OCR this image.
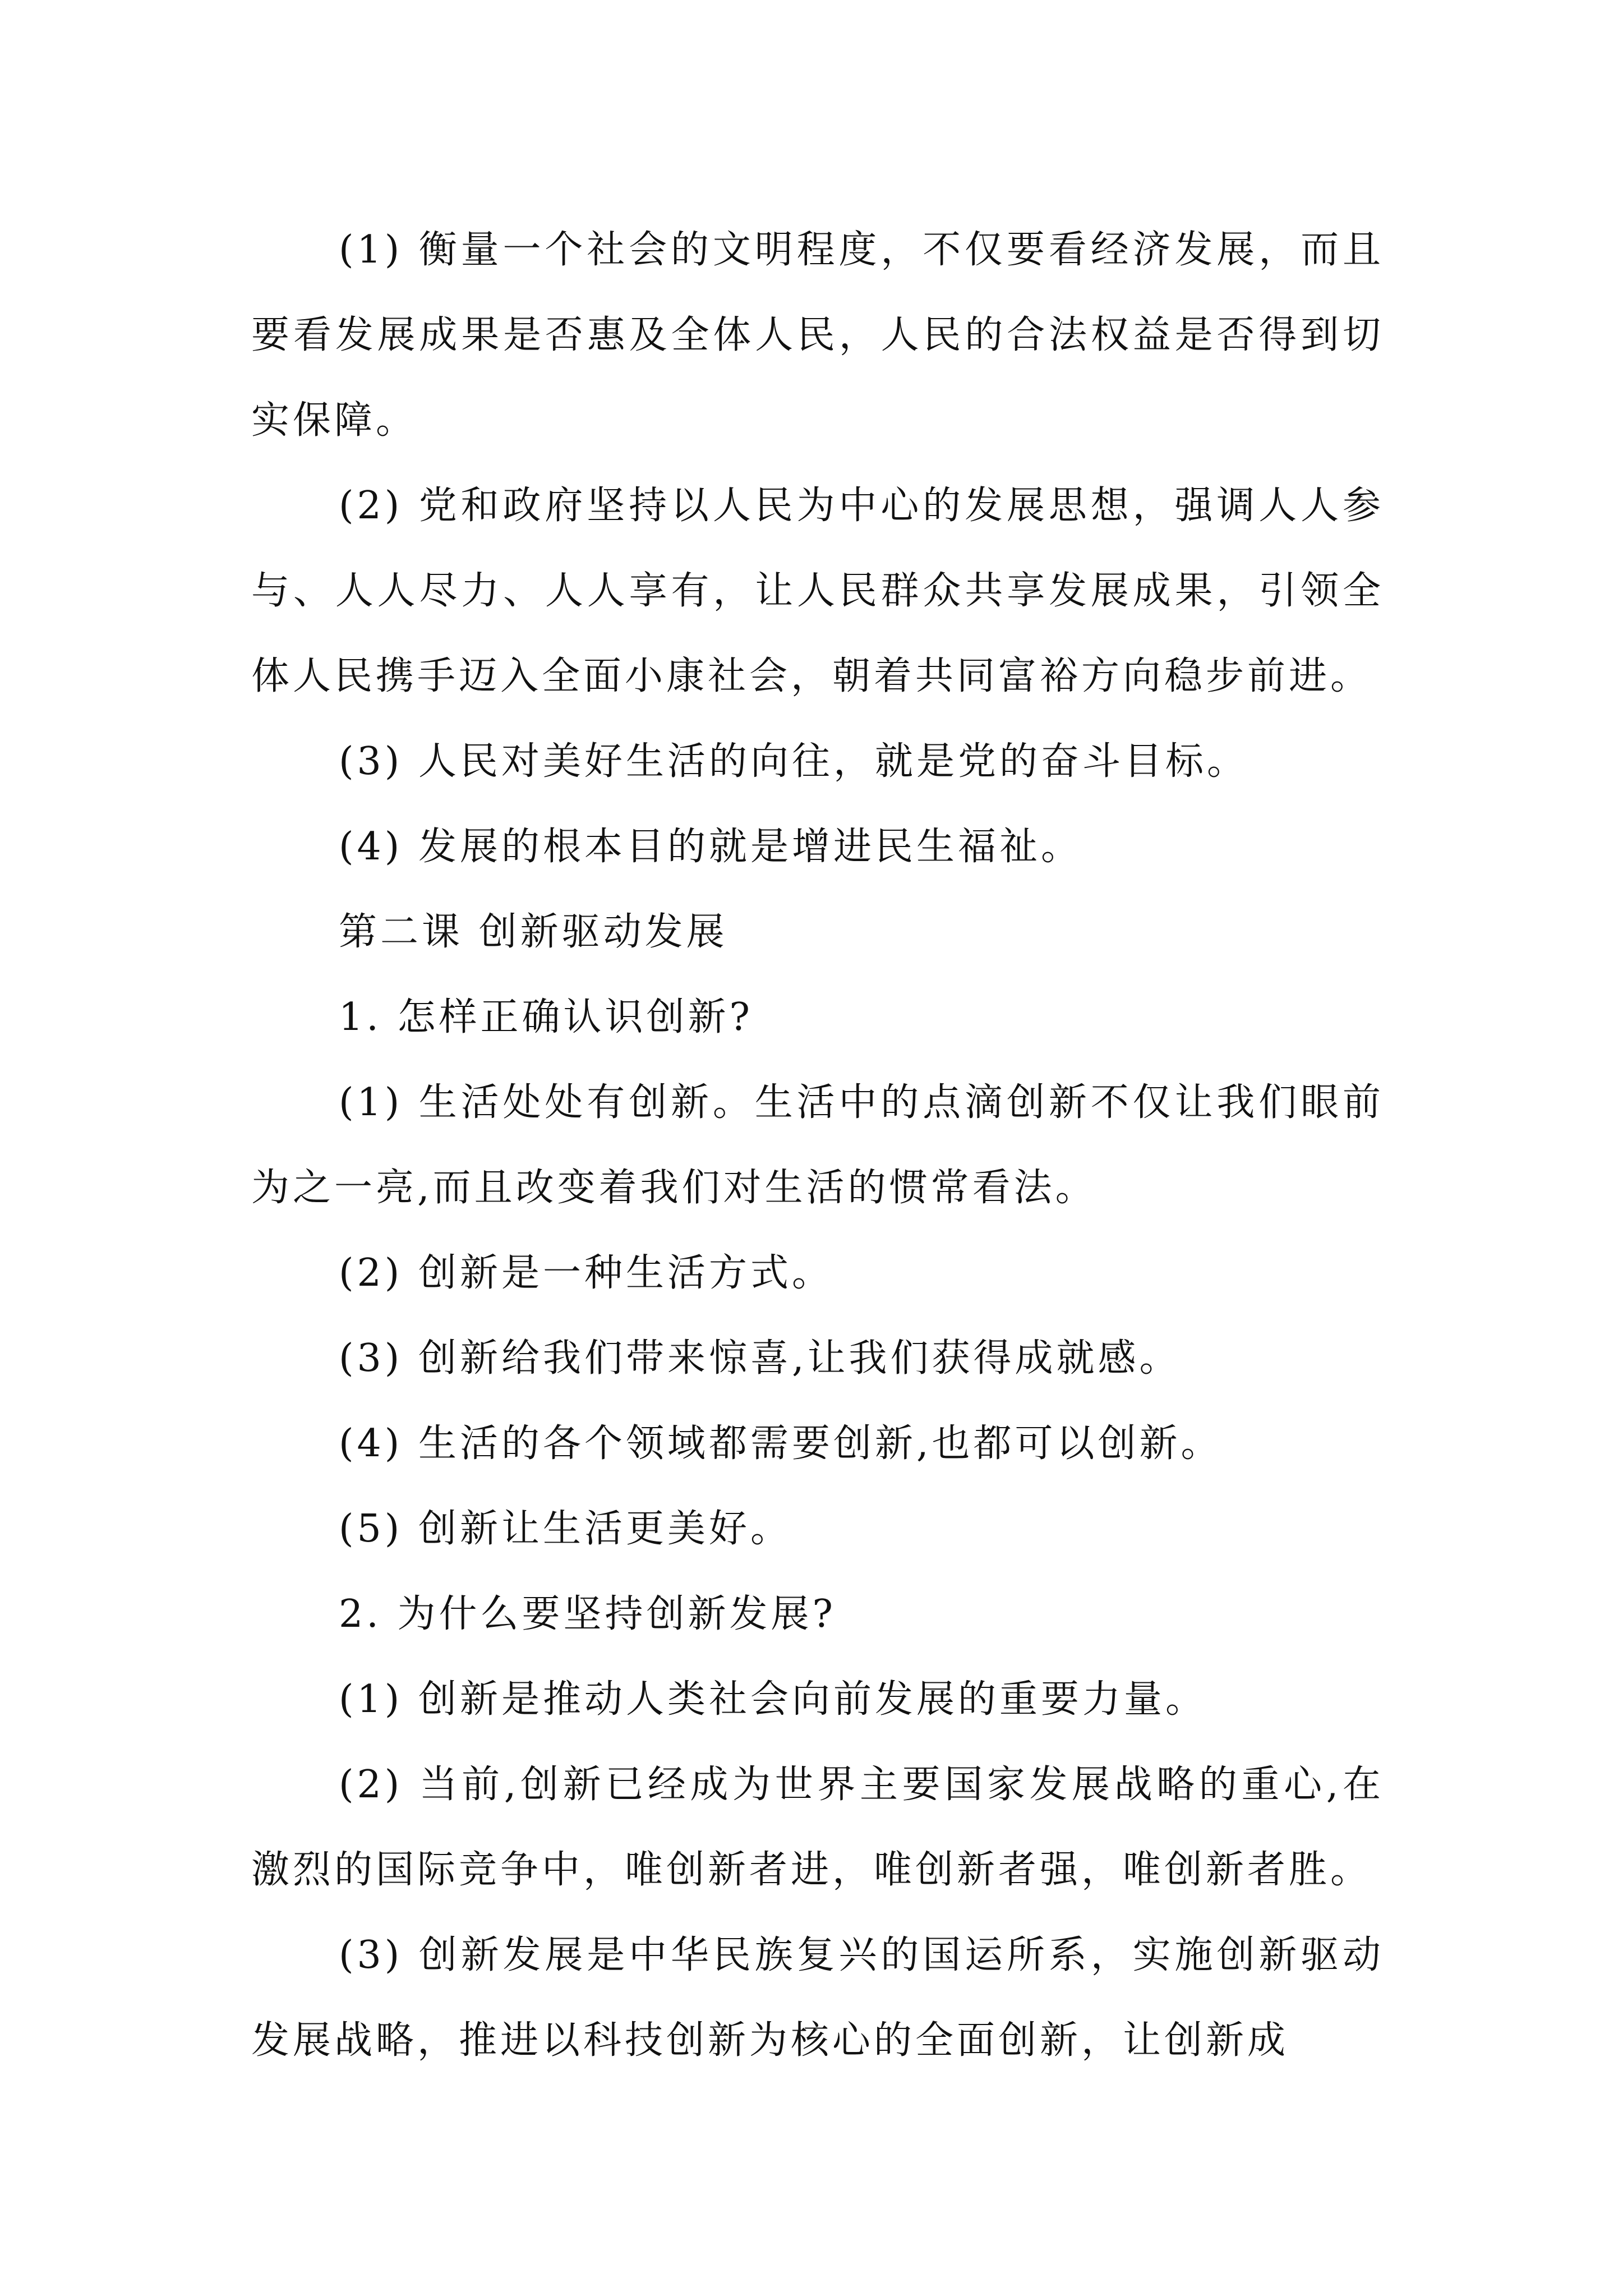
(1) 衡量一个社会的文明程度，不仅要看经济发展，而且要看发展成果是否惠及全体人民，人民的合法权益是否得到切实保障。

(2) 党和政府坚持以人民为中心的发展思想，强调人人参与、人人尽力、人人享有，让人民群众共享发展成果，引领全体人民携手迈入全面小康社会，朝着共同富裕方向稳步前进。

(3) 人民对美好生活的向往，就是党的奋斗目标。

(4) 发展的根本目的就是增进民生福祉。

第二课 创新驱动发展

1. 怎样正确认识创新?

(1) 生活处处有创新。生活中的点滴创新不仅让我们眼前为之一亮,而且改变着我们对生活的惯常看法。

(2) 创新是一种生活方式。

(3) 创新给我们带来惊喜,让我们获得成就感。

(4) 生活的各个领域都需要创新,也都可以创新。

(5) 创新让生活更美好。

2. 为什么要坚持创新发展?

(1) 创新是推动人类社会向前发展的重要力量。

(2) 当前,创新已经成为世界主要国家发展战略的重心,在激烈的国际竞争中，唯创新者进，唯创新者强，唯创新者胜。

(3) 创新发展是中华民族复兴的国运所系，实施创新驱动发展战略，推进以科技创新为核心的全面创新，让创新成
